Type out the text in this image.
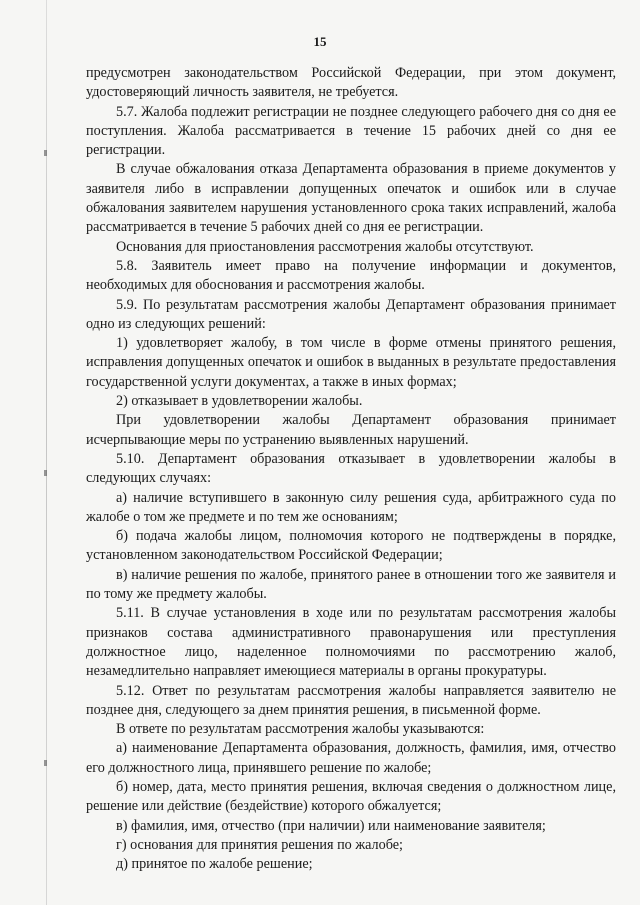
15

предусмотрен законодательством Российской Федерации, при этом документ, удостоверяющий личность заявителя, не требуется.

5.7. Жалоба подлежит регистрации не позднее следующего рабочего дня со дня ее поступления. Жалоба рассматривается в течение 15 рабочих дней со дня ее регистрации.

В случае обжалования отказа Департамента образования в приеме документов у заявителя либо в исправлении допущенных опечаток и ошибок или в случае обжалования заявителем нарушения установленного срока таких исправлений, жалоба рассматривается в течение 5 рабочих дней со дня ее регистрации.

Основания для приостановления рассмотрения жалобы отсутствуют.

5.8. Заявитель имеет право на получение информации и документов, необходимых для обоснования и рассмотрения жалобы.

5.9. По результатам рассмотрения жалобы Департамент образования принимает одно из следующих решений:

1) удовлетворяет жалобу, в том числе в форме отмены принятого решения, исправления допущенных опечаток и ошибок в выданных в результате предоставления государственной услуги документах, а также в иных формах;

2) отказывает в удовлетворении жалобы.

При удовлетворении жалобы Департамент образования принимает исчерпывающие меры по устранению выявленных нарушений.

5.10. Департамент образования отказывает в удовлетворении жалобы в следующих случаях:

а) наличие вступившего в законную силу решения суда, арбитражного суда по жалобе о том же предмете и по тем же основаниям;

б) подача жалобы лицом, полномочия которого не подтверждены в порядке, установленном законодательством Российской Федерации;

в) наличие решения по жалобе, принятого ранее в отношении того же заявителя и по тому же предмету жалобы.

5.11. В случае установления в ходе или по результатам рассмотрения жалобы признаков состава административного правонарушения или преступления должностное лицо, наделенное полномочиями по рассмотрению жалоб, незамедлительно направляет имеющиеся материалы в органы прокуратуры.

5.12. Ответ по результатам рассмотрения жалобы направляется заявителю не позднее дня, следующего за днем принятия решения, в письменной форме.

В ответе по результатам рассмотрения жалобы указываются:

а) наименование Департамента образования, должность, фамилия, имя, отчество его должностного лица, принявшего решение по жалобе;

б) номер, дата, место принятия решения, включая сведения о должностном лице, решение или действие (бездействие) которого обжалуется;

в) фамилия, имя, отчество (при наличии) или наименование заявителя;

г) основания для принятия решения по жалобе;

д) принятое по жалобе решение;
